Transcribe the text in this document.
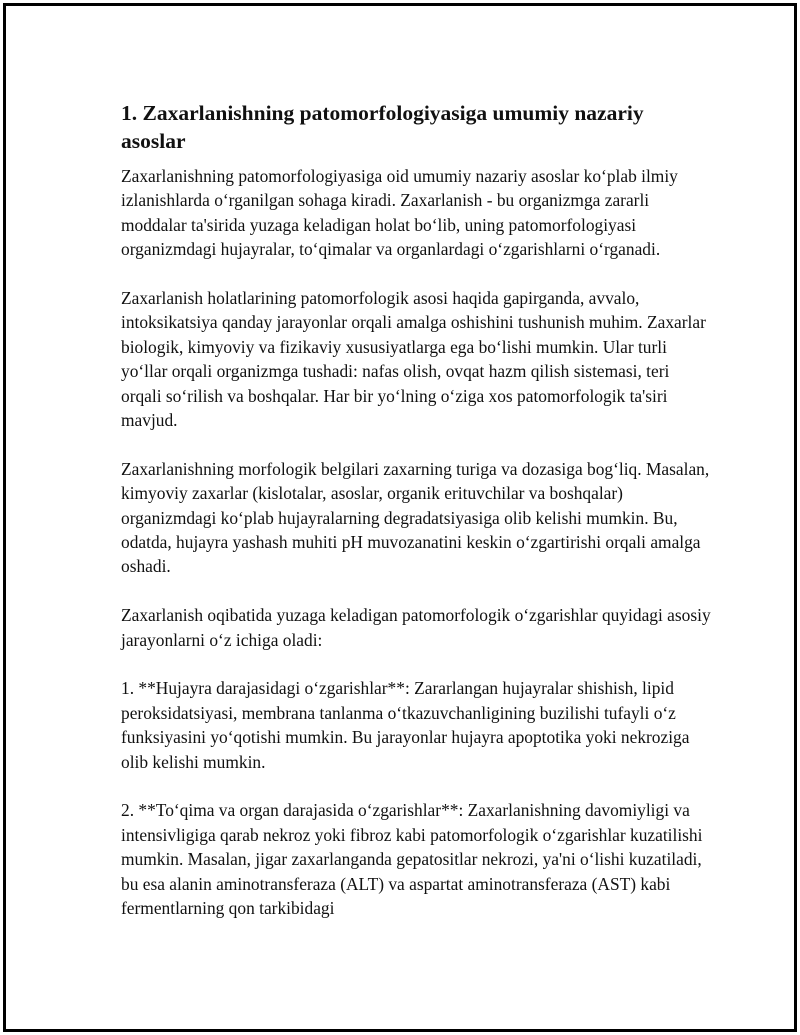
1. Zaxarlanishning patomorfologiyasiga umumiy nazariy asoslar

Zaxarlanishning patomorfologiyasiga oid umumiy nazariy asoslar ko‘plab ilmiy izlanishlarda o‘rganilgan sohaga kiradi. Zaxarlanish - bu organizmga zararli moddalar ta'sirida yuzaga keladigan holat bo‘lib, uning patomorfologiyasi organizmdagi hujayralar, to‘qimalar va organlardagi o‘zgarishlarni o‘rganadi.

Zaxarlanish holatlarining patomorfologik asosi haqida gapirganda, avvalo, intoksikatsiya qanday jarayonlar orqali amalga oshishini tushunish muhim. Zaxarlar biologik, kimyoviy va fizikaviy xususiyatlarga ega bo‘lishi mumkin. Ular turli yo‘llar orqali organizmga tushadi: nafas olish, ovqat hazm qilish sistemasi, teri orqali so‘rilish va boshqalar. Har bir yo‘lning o‘ziga xos patomorfologik ta'siri mavjud.

Zaxarlanishning morfologik belgilari zaxarning turiga va dozasiga bog‘liq. Masalan, kimyoviy zaxarlar (kislotalar, asoslar, organik erituvchilar va boshqalar) organizmdagi ko‘plab hujayralarning degradatsiyasiga olib kelishi mumkin. Bu, odatda, hujayra yashash muhiti pH muvozanatini keskin o‘zgartirishi orqali amalga oshadi.

Zaxarlanish oqibatida yuzaga keladigan patomorfologik o‘zgarishlar quyidagi asosiy jarayonlarni o‘z ichiga oladi:

1. **Hujayra darajasidagi o‘zgarishlar**: Zararlangan hujayralar shishish, lipid peroksidatsiyasi, membrana tanlanma o‘tkazuvchanligining buzilishi tufayli o‘z funksiyasini yo‘qotishi mumkin. Bu jarayonlar hujayra apoptotika yoki nekroziga olib kelishi mumkin.

2. **To‘qima va organ darajasida o‘zgarishlar**: Zaxarlanishning davomiyligi va intensivligiga qarab nekroz yoki fibroz kabi patomorfologik o‘zgarishlar kuzatilishi mumkin. Masalan, jigar zaxarlanganda gepatositlar nekrozi, ya'ni o‘lishi kuzatiladi, bu esa alanin aminotransferaza (ALT) va aspartat aminotransferaza (AST) kabi fermentlarning qon tarkibidagi
